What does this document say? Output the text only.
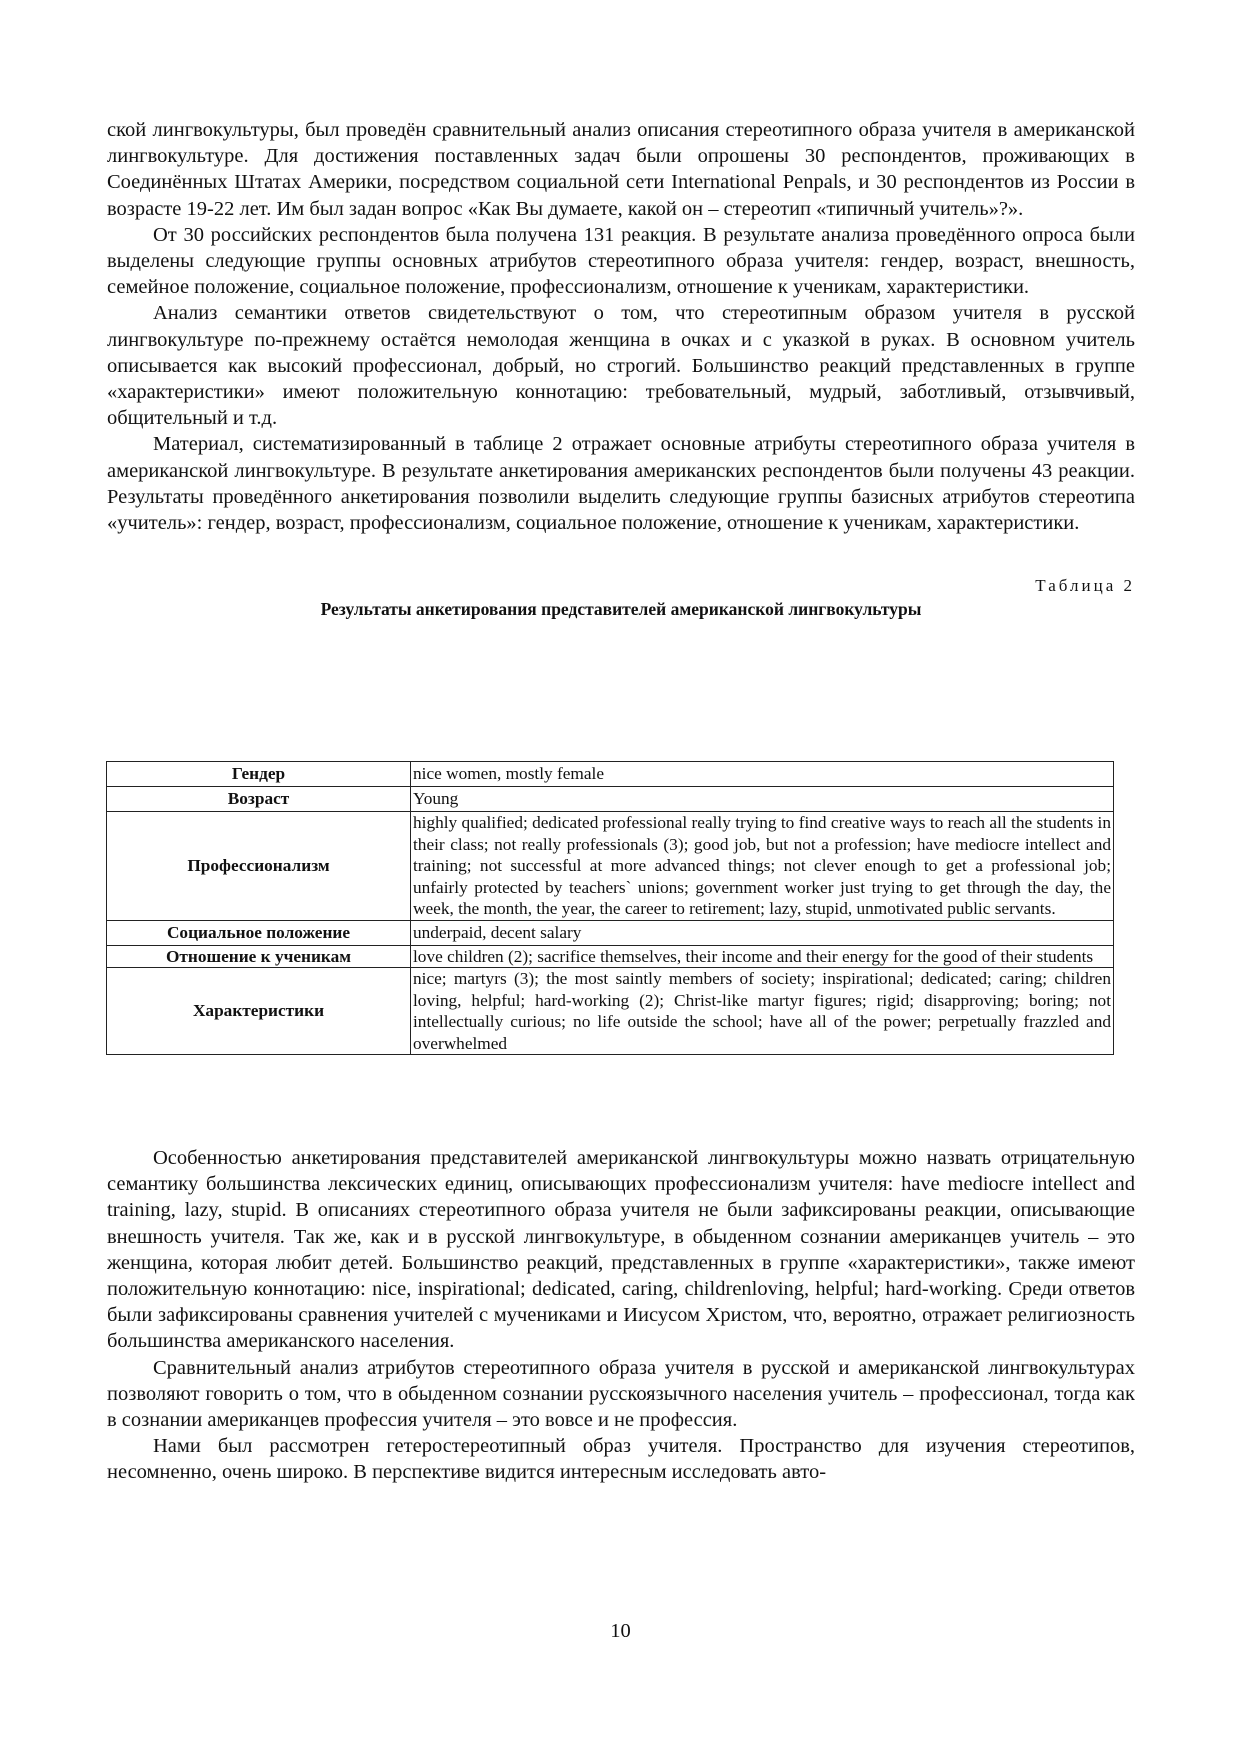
ской лингвокультуры, был проведён сравнительный анализ описания стереотипного образа учителя в американской лингвокультуре. Для достижения поставленных задач были опрошены 30 респондентов, проживающих в Соединённых Штатах Америки, посредством социальной сети International Penpals, и 30 респондентов из России в возрасте 19-22 лет. Им был задан вопрос «Как Вы думаете, какой он – стереотип «типичный учитель»?».

От 30 российских респондентов была получена 131 реакция. В результате анализа проведённого опроса были выделены следующие группы основных атрибутов стереотипного образа учителя: гендер, возраст, внешность, семейное положение, социальное положение, профессионализм, отношение к ученикам, характеристики.

Анализ семантики ответов свидетельствуют о том, что стереотипным образом учителя в русской лингвокультуре по-прежнему остаётся немолодая женщина в очках и с указкой в руках. В основном учитель описывается как высокий профессионал, добрый, но строгий. Большинство реакций представленных в группе «характеристики» имеют положительную коннотацию: требовательный, мудрый, заботливый, отзывчивый, общительный и т.д.

Материал, систематизированный в таблице 2 отражает основные атрибуты стереотипного образа учителя в американской лингвокультуре. В результате анкетирования американских респондентов были получены 43 реакции. Результаты проведённого анкетирования позволили выделить следующие группы базисных атрибутов стереотипа «учитель»: гендер, возраст, профессионализм, социальное положение, отношение к ученикам, характеристики.

Таблица 2

Результаты анкетирования представителей американской лингвокультуры

Гендер	nice women, mostly female
Возраст	Young
Профессионализм	highly qualified; dedicated professional really trying to find creative ways to reach all the students in their class; not really professionals (3); good job, but not a profession; have mediocre intellect and training; not successful at more advanced things; not clever enough to get a professional job; unfairly protected by teachers` unions; government worker just trying to get through the day, the week, the month, the year, the career to retirement; lazy, stupid, unmotivated public servants.
Социальное положение	underpaid, decent salary
Отношение к ученикам	love children (2); sacrifice themselves, their income and their energy for the good of their students
Характеристики	nice; martyrs (3); the most saintly members of society; inspirational; dedicated; caring; children loving, helpful; hard-working (2); Christ-like martyr figures; rigid; disapproving; boring; not intellectually curious; no life outside the school; have all of the power; perpetually frazzled and overwhelmed

Особенностью анкетирования представителей американской лингвокультуры можно назвать отрицательную семантику большинства лексических единиц, описывающих профессионализм учителя: have mediocre intellect and training, lazy, stupid. В описаниях стереотипного образа учителя не были зафиксированы реакции, описывающие внешность учителя. Так же, как и в русской лингвокультуре, в обыденном сознании американцев учитель – это женщина, которая любит детей. Большинство реакций, представленных в группе «характеристики», также имеют положительную коннотацию: nice, inspirational; dedicated, caring, childrenloving, helpful; hard-working. Среди ответов были зафиксированы сравнения учителей с мучениками и Иисусом Христом, что, вероятно, отражает религиозность большинства американского населения.

Сравнительный анализ атрибутов стереотипного образа учителя в русской и американской лингвокультурах позволяют говорить о том, что в обыденном сознании русскоязычного населения учитель – профессионал, тогда как в сознании американцев профессия учителя – это вовсе и не профессия.

Нами был рассмотрен гетеростереотипный образ учителя. Пространство для изучения стереотипов, несомненно, очень широко. В перспективе видится интересным исследовать авто-

10
